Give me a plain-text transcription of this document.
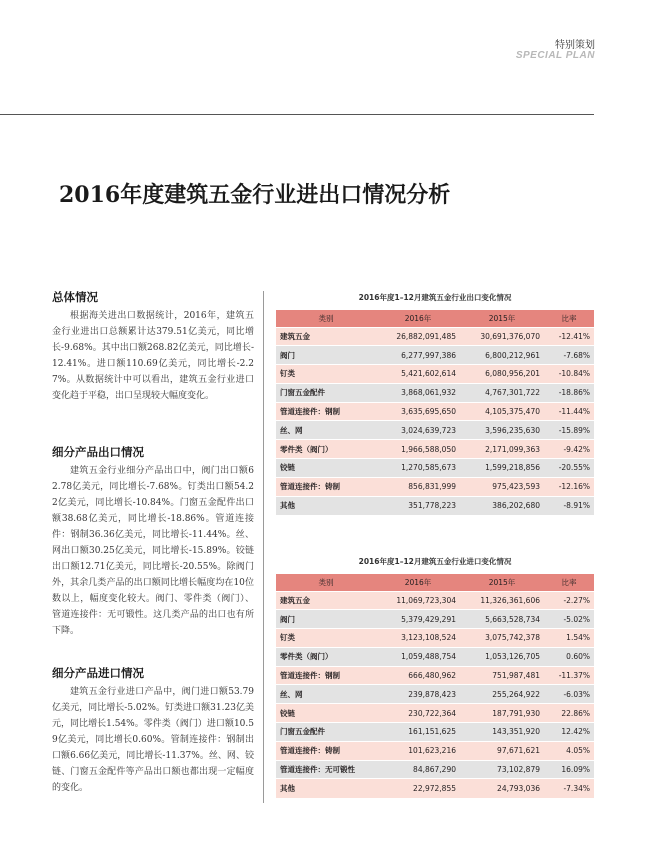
特别策划
SPECIAL PLAN
2016年度建筑五金行业进出口情况分析
总体情况

根据海关进出口数据统计，2016年，建筑五金行业进出口总额累计达379.51亿美元，同比增长-9.68%。其中出口额268.82亿美元，同比增长-12.41%。进口额110.69亿美元，同比增长-2.27%。从数据统计中可以看出，建筑五金行业进口变化趋于平稳，出口呈现较大幅度变化。

细分产品出口情况

建筑五金行业细分产品出口中，阀门出口额62.78亿美元，同比增长-7.68%。钉类出口额54.22亿美元，同比增长-10.84%。门窗五金配件出口额38.68亿美元，同比增长-18.86%。管道连接件：钢制36.36亿美元，同比增长-11.44%。丝、网出口额30.25亿美元，同比增长-15.89%。铰链出口额12.71亿美元，同比增长-20.55%。除阀门外，其余几类产品的出口额同比增长幅度均在10位数以上，幅度变化较大。阀门、零件类（阀门）、管道连接件：无可锻性。这几类产品的出口也有所下降。

细分产品进口情况

建筑五金行业进口产品中，阀门进口额53.79亿美元，同比增长-5.02%。钉类进口额31.23亿美元，同比增长1.54%。零件类（阀门）进口额10.59亿美元，同比增长0.60%。管制连接件：钢制出口额6.66亿美元，同比增长-11.37%。丝、网、铰链、门窗五金配件等产品出口额也都出现一定幅度的变化。

2016年度1–12月建筑五金行业出口变化情况
类别	2016年	2015年	比率
建筑五金	26,882,091,485	30,691,376,070	-12.41%
阀门	6,277,997,386	6,800,212,961	-7.68%
钉类	5,421,602,614	6,080,956,201	-10.84%
门窗五金配件	3,868,061,932	4,767,301,722	-18.86%
管道连接件：钢制	3,635,695,650	4,105,375,470	-11.44%
丝、网	3,024,639,723	3,596,235,630	-15.89%
零件类（阀门）	1,966,588,050	2,171,099,363	-9.42%
铰链	1,270,585,673	1,599,218,856	-20.55%
管道连接件：铸制	856,831,999	975,423,593	-12.16%
其他	351,778,223	386,202,680	-8.91%
2016年度1–12月建筑五金行业进口变化情况
类别	2016年	2015年	比率
建筑五金	11,069,723,304	11,326,361,606	-2.27%
阀门	5,379,429,291	5,663,528,734	-5.02%
钉类	3,123,108,524	3,075,742,378	1.54%
零件类（阀门）	1,059,488,754	1,053,126,705	0.60%
管道连接件：钢制	666,480,962	751,987,481	-11.37%
丝、网	239,878,423	255,264,922	-6.03%
铰链	230,722,364	187,791,930	22.86%
门窗五金配件	161,151,625	143,351,920	12.42%
管道连接件：铸制	101,623,216	97,671,621	4.05%
管道连接件：无可锻性	84,867,290	73,102,879	16.09%
其他	22,972,855	24,793,036	-7.34%
